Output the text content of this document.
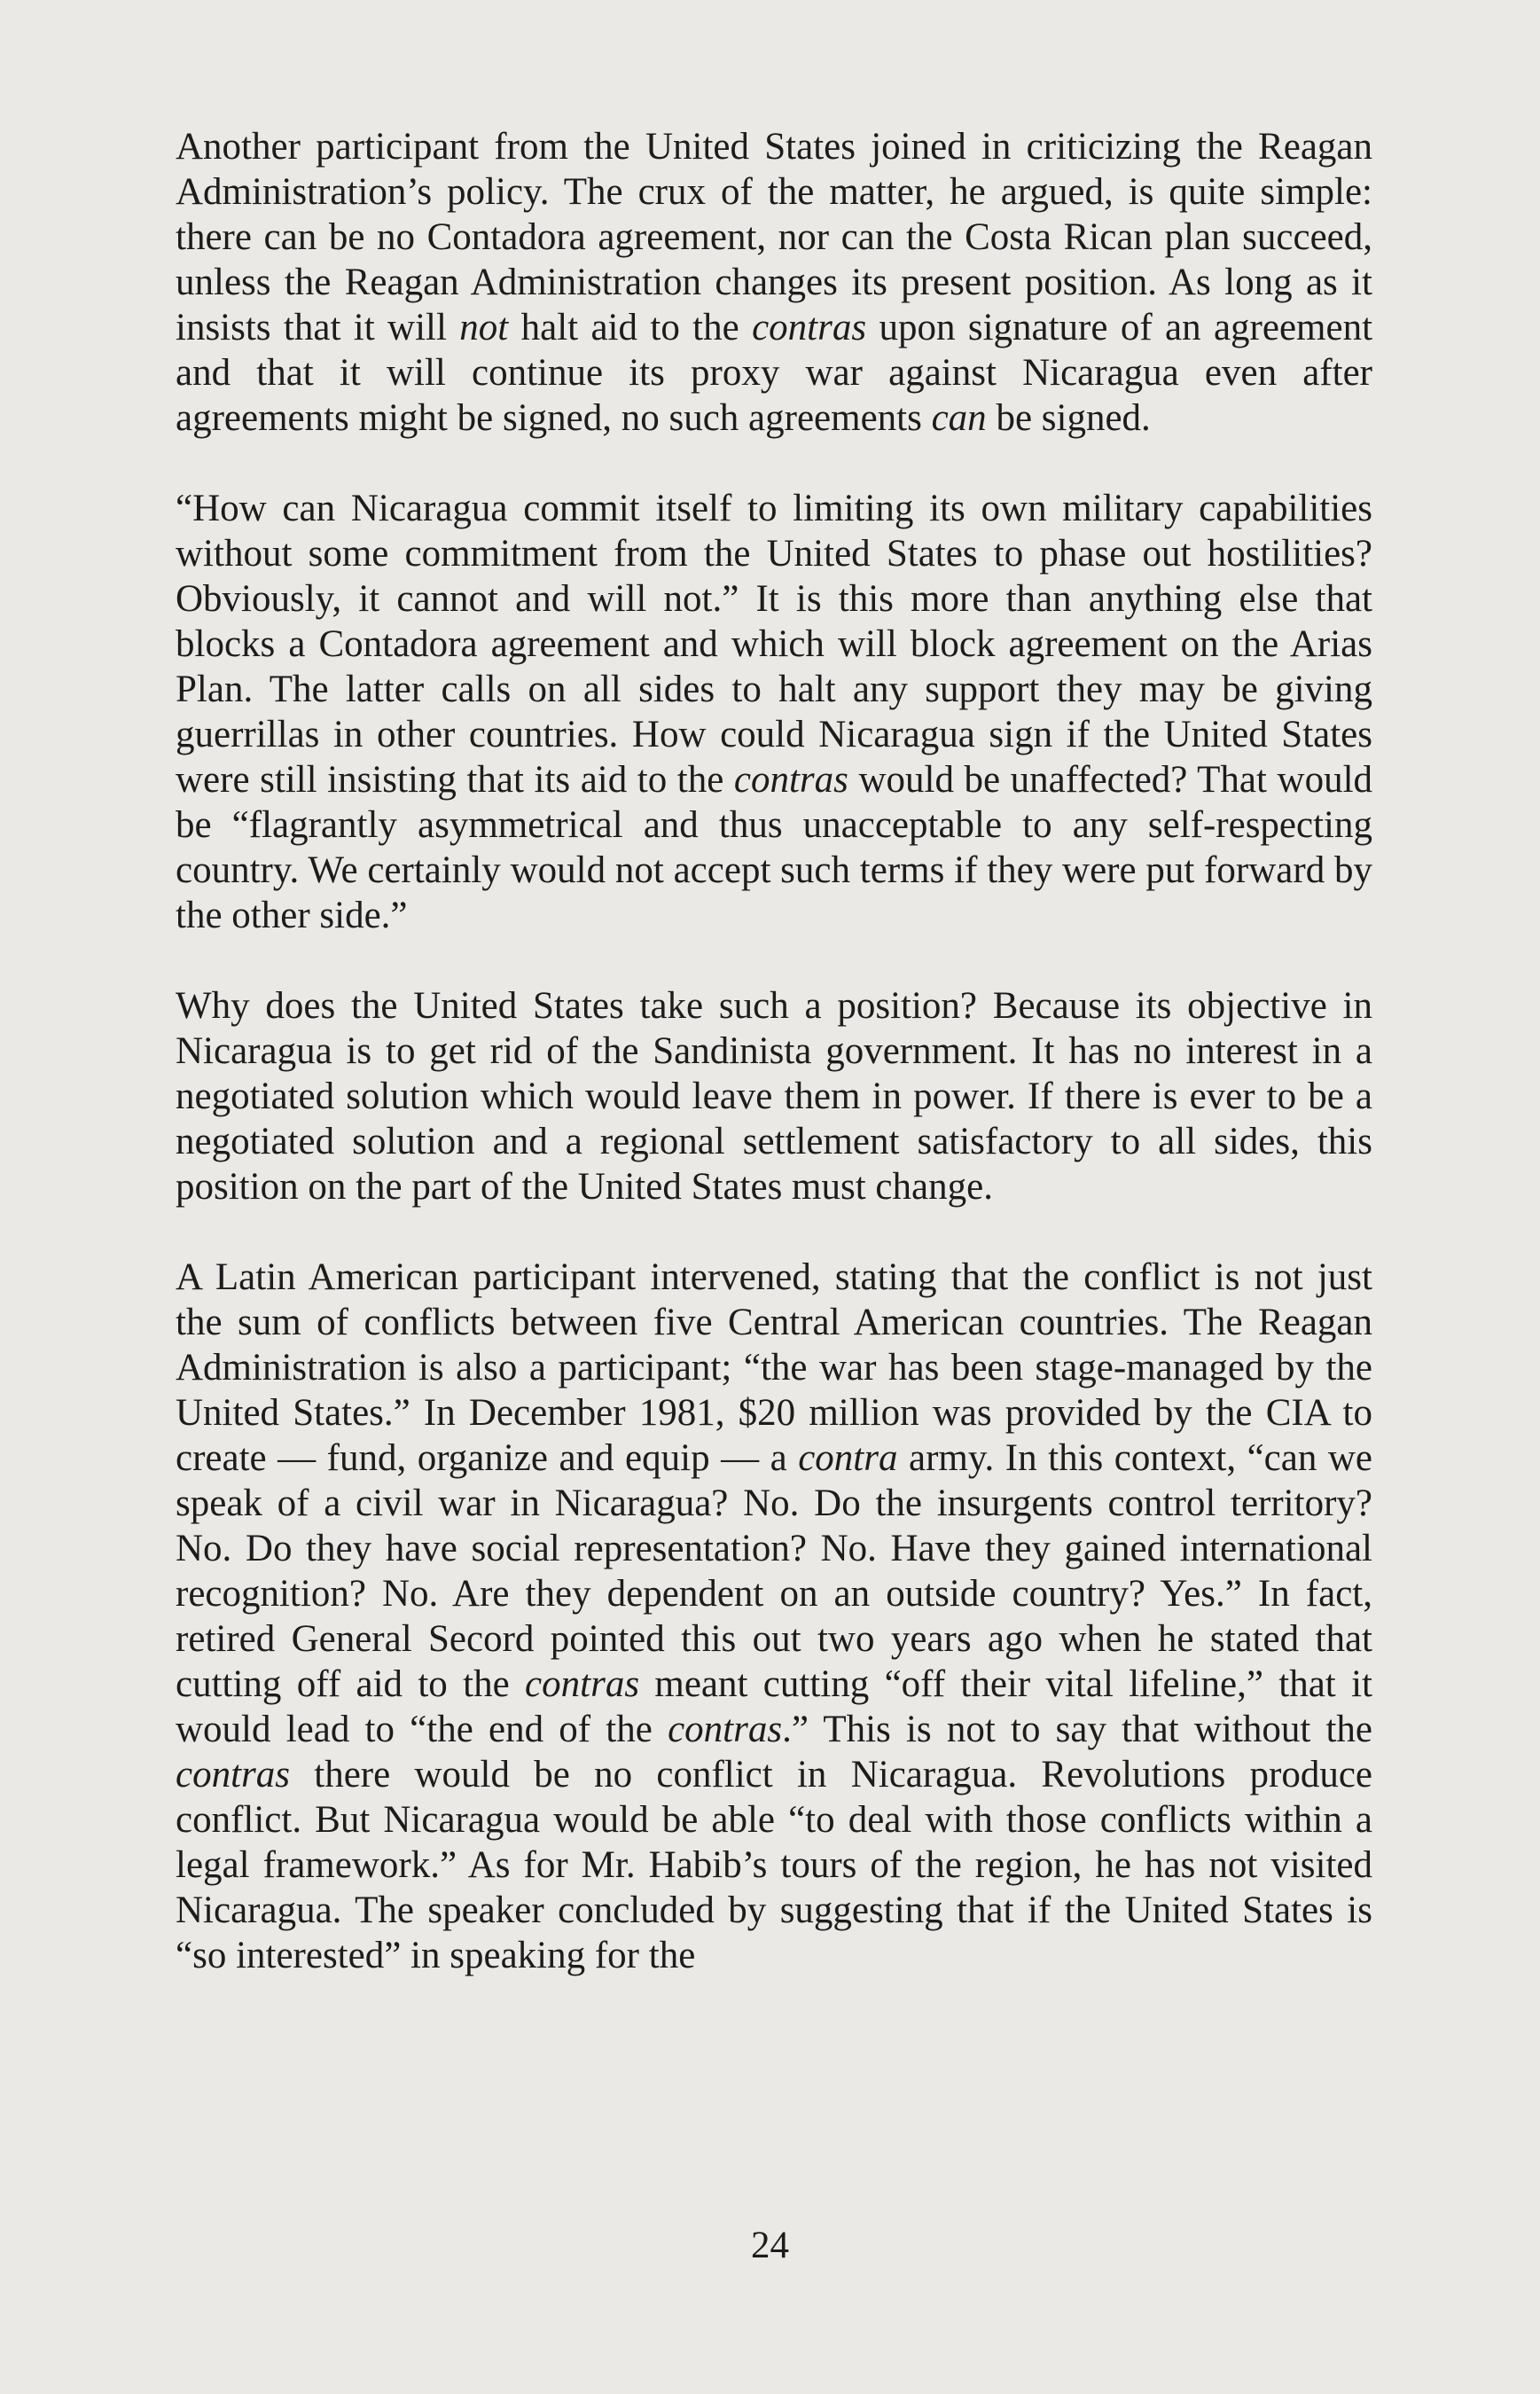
Another participant from the United States joined in criticizing the Reagan Administration’s policy. The crux of the matter, he argued, is quite simple: there can be no Contadora agreement, nor can the Costa Rican plan succeed, unless the Reagan Administration changes its present position. As long as it insists that it will not halt aid to the contras upon signature of an agreement and that it will continue its proxy war against Nicaragua even after agreements might be signed, no such agreements can be signed.

“How can Nicaragua commit itself to limiting its own military capabilities without some commitment from the United States to phase out hostilities? Obviously, it cannot and will not.” It is this more than anything else that blocks a Contadora agreement and which will block agreement on the Arias Plan. The latter calls on all sides to halt any support they may be giving guerrillas in other countries. How could Nicaragua sign if the United States were still insisting that its aid to the contras would be unaffected? That would be “flagrantly asymmetrical and thus unacceptable to any self-respecting country. We certainly would not accept such terms if they were put forward by the other side.”

Why does the United States take such a position? Because its objective in Nicaragua is to get rid of the Sandinista government. It has no interest in a negotiated solution which would leave them in power. If there is ever to be a negotiated solution and a regional settlement satisfactory to all sides, this position on the part of the United States must change.

A Latin American participant intervened, stating that the conflict is not just the sum of conflicts between five Central American countries. The Reagan Administration is also a participant; “the war has been stage-managed by the United States.” In December 1981, $20 million was provided by the CIA to create — fund, organize and equip — a contra army. In this context, “can we speak of a civil war in Nicaragua? No. Do the insurgents control territory? No. Do they have social representation? No. Have they gained international recognition? No. Are they dependent on an outside country? Yes.” In fact, retired General Secord pointed this out two years ago when he stated that cutting off aid to the contras meant cutting “off their vital lifeline,” that it would lead to “the end of the contras.” This is not to say that without the contras there would be no conflict in Nicaragua. Revolutions produce conflict. But Nicaragua would be able “to deal with those conflicts within a legal framework.” As for Mr. Habib’s tours of the region, he has not visited Nicaragua. The speaker concluded by suggesting that if the United States is “so interested” in speaking for the

24
